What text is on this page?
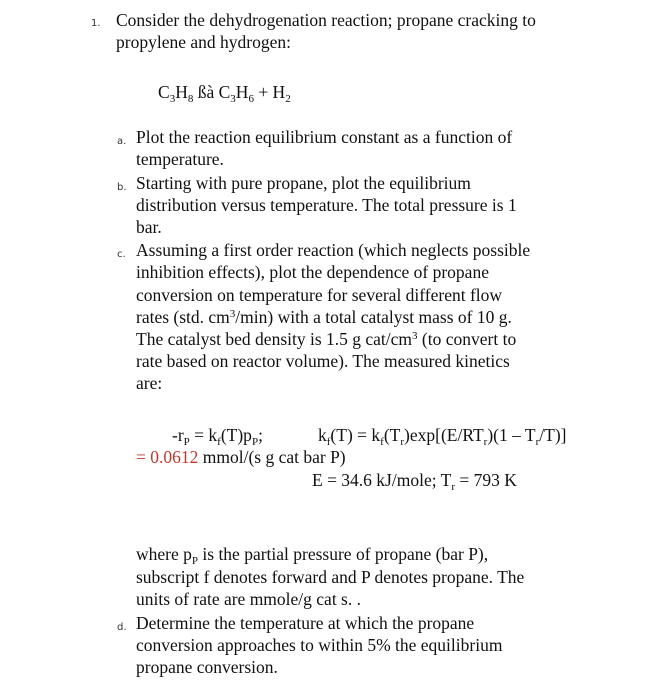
1. Consider the dehydrogenation reaction; propane cracking to
propylene and hydrogen:
$C_3H_8$ ßà $C_3H_6 + H_2$
a. Plot the reaction equilibrium constant as a function of
temperature.
b. Starting with pure propane, plot the equilibrium
distribution versus temperature. The total pressure is 1
bar.
c. Assuming a first order reaction (which neglects possible
inhibition effects), plot the dependence of propane
conversion on temperature for several different flow
rates (std. $cm^3/\min$) with a total catalyst mass of 10 g.
The catalyst bed density is 1.5 g cat/$cm^3$ (to convert to
rate based on reactor volume). The measured kinetics
are:
$-r_P = k_f(T)p_P$;	$k_f(T) = k_f(T_r)\exp[(E/RT_r)(1 - T_r/T)]$
= 0.0612 mmol/(s g cat bar P)
E = 34.6 kJ/mole; $T_r = 793$ K
where $p_P$ is the partial pressure of propane (bar P),
subscript f denotes forward and P denotes propane. The
units of rate are mmole/g cat s. .
d. Determine the temperature at which the propane
conversion approaches to within 5% the equilibrium
propane conversion.
